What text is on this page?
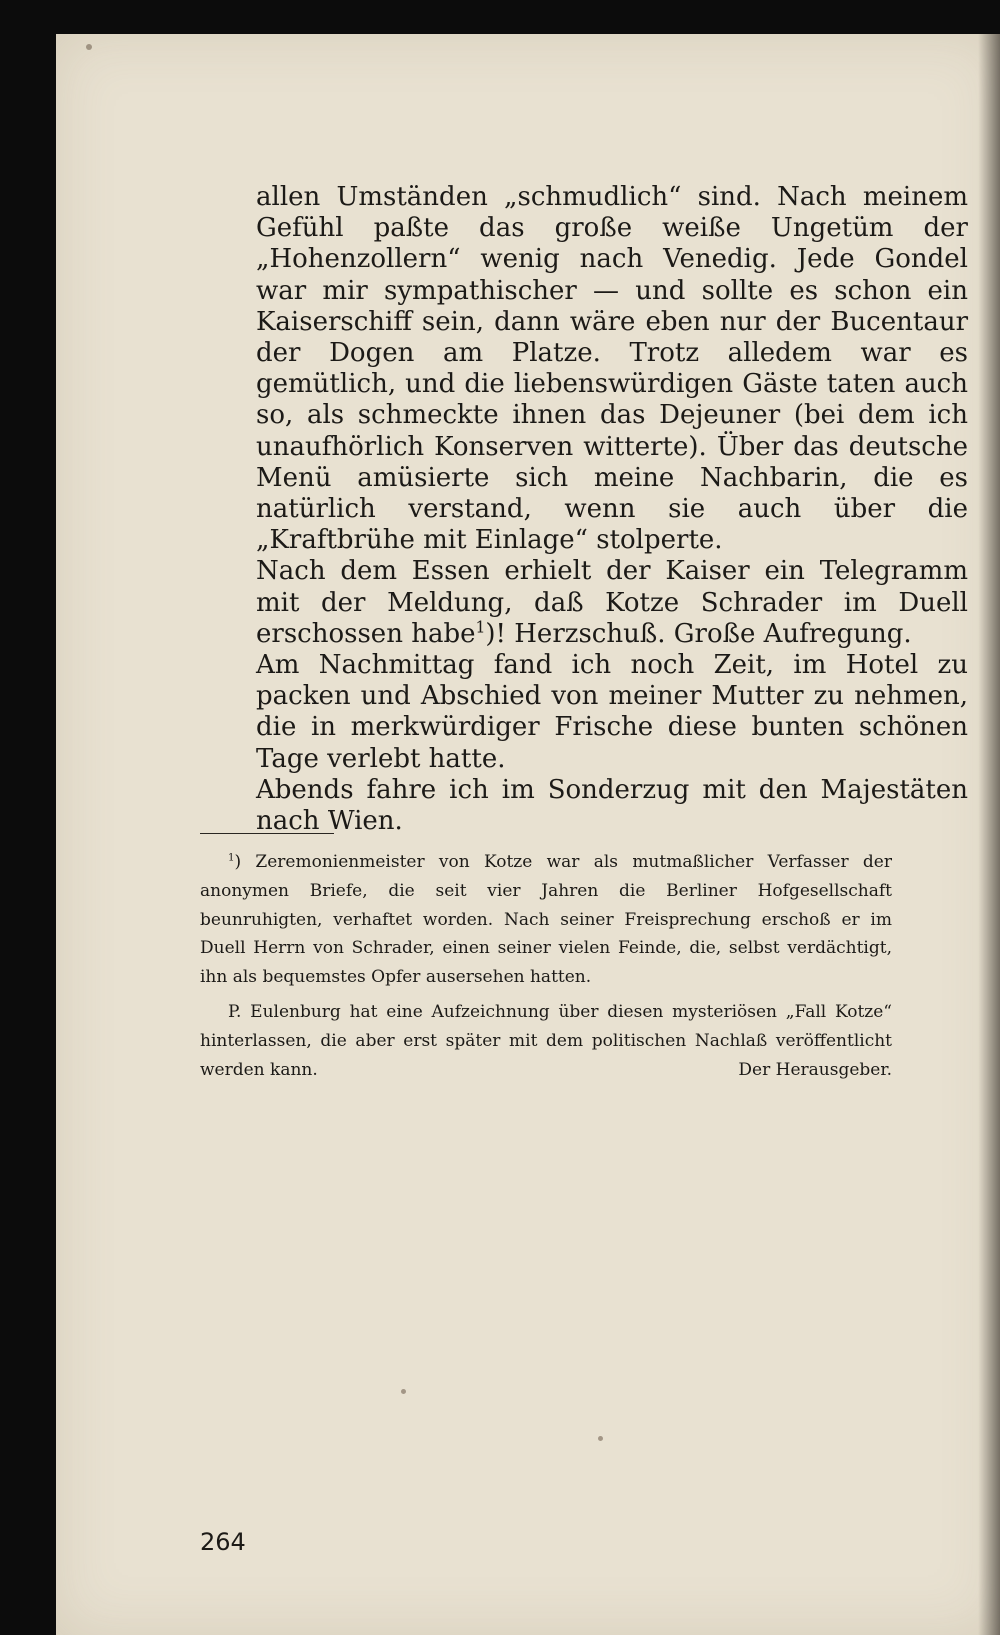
allen Umständen „schmudlich“ sind. Nach meinem Gefühl paßte das große weiße Ungetüm der „Hohenzollern“ wenig nach Venedig. Jede Gondel war mir sympathischer — und sollte es schon ein Kaiserschiff sein, dann wäre eben nur der Bucentaur der Dogen am Platze. Trotz alledem war es gemütlich, und die liebenswürdigen Gäste taten auch so, als schmeckte ihnen das Dejeuner (bei dem ich unaufhörlich Konserven witterte). Über das deutsche Menü amüsierte sich meine Nachbarin, die es natürlich verstand, wenn sie auch über die „Kraftbrühe mit Einlage“ stolperte.

Nach dem Essen erhielt der Kaiser ein Telegramm mit der Meldung, daß Kotze Schrader im Duell erschossen habe$^1$)! Herzschuß. Große Aufregung.

Am Nachmittag fand ich noch Zeit, im Hotel zu packen und Abschied von meiner Mutter zu nehmen, die in merkwürdiger Frische diese bunten schönen Tage verlebt hatte.

Abends fahre ich im Sonderzug mit den Majestäten nach Wien.

$^1$) Zeremonienmeister von Kotze war als mutmaßlicher Verfasser der anonymen Briefe, die seit vier Jahren die Berliner Hofgesellschaft beunruhigten, verhaftet worden. Nach seiner Freisprechung erschoß er im Duell Herrn von Schrader, einen seiner vielen Feinde, die, selbst verdächtigt, ihn als bequemstes Opfer ausersehen hatten.

P. Eulenburg hat eine Aufzeichnung über diesen mysteriösen „Fall Kotze“ hinterlassen, die aber erst später mit dem politischen Nachlaß veröffentlicht werden kann.	Der Herausgeber.

264
